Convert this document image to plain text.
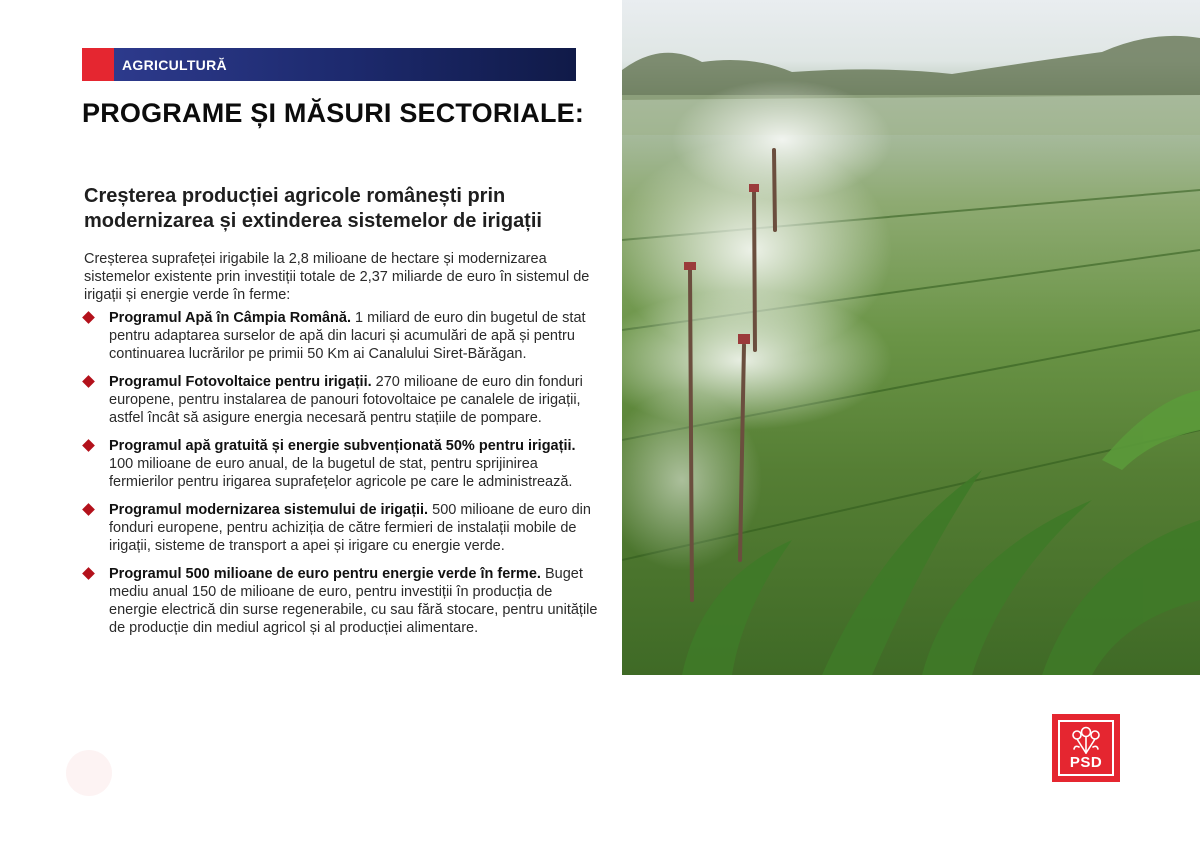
AGRICULTURĂ
PROGRAME ȘI MĂSURI SECTORIALE:
Creșterea producției agricole românești prin modernizarea și extinderea sistemelor de irigații

Creșterea suprafeței irigabile la 2,8 milioane de hectare și modernizarea sistemelor existente prin investiții totale de 2,37 miliarde de euro în sistemul de irigații și energie verde în ferme:

Programul Apă în Câmpia Română. 1 miliard de euro din bugetul de stat pentru adaptarea surselor de apă din lacuri și acumulări de apă și pentru continuarea lucrărilor pe primii 50 Km ai Canalului Siret-Bărăgan.
Programul Fotovoltaice pentru irigații. 270 milioane de euro din fonduri europene, pentru instalarea de panouri fotovoltaice pe canalele de irigații, astfel încât să asigure energia necesară pentru stațiile de pompare.
Programul apă gratuită și energie subvenționată 50% pentru irigații. 100 milioane de euro anual, de la bugetul de stat, pentru sprijinirea fermierilor pentru irigarea suprafețelor agricole pe care le administrează.
Programul modernizarea sistemului de irigații. 500 milioane de euro din fonduri europene, pentru achiziția de către fermieri de instalații mobile de irigații, sisteme de transport a apei și irigare cu energie verde.
Programul 500 milioane de euro pentru energie verde în ferme. Buget mediu anual 150 de milioane de euro, pentru investiții în producția de energie electrică din surse regenerabile, cu sau fără stocare, pentru unitățile de producție din mediul agricol și al producției alimentare.
PSD
